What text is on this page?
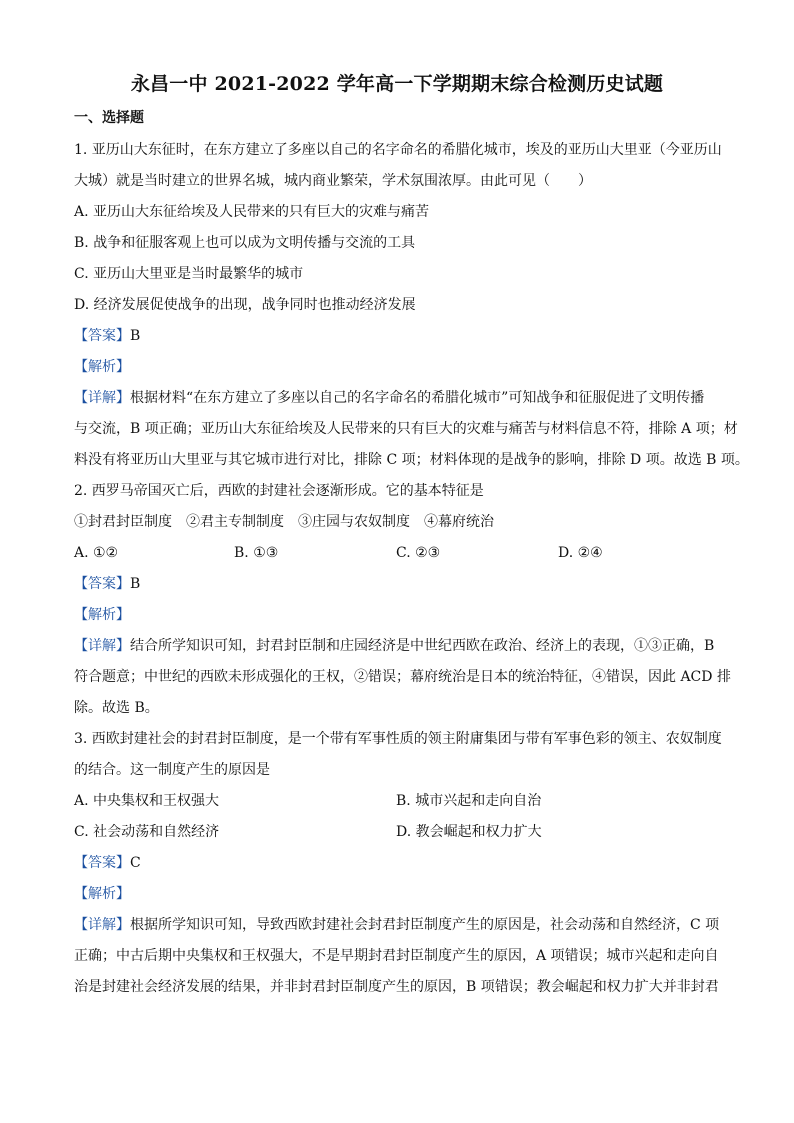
永昌一中 2021-2022 学年高一下学期期末综合检测历史试题
一、选择题
1. 亚历山大东征时，在东方建立了多座以自己的名字命名的希腊化城市，埃及的亚历山大里亚（今亚历山
大城）就是当时建立的世界名城，城内商业繁荣，学术氛围浓厚。由此可见（　　）
A. 亚历山大东征给埃及人民带来的只有巨大的灾难与痛苦
B. 战争和征服客观上也可以成为文明传播与交流的工具
C. 亚历山大里亚是当时最繁华的城市
D. 经济发展促使战争的出现，战争同时也推动经济发展
【答案】B
【解析】
【详解】根据材料“在东方建立了多座以自己的名字命名的希腊化城市”可知战争和征服促进了文明传播
与交流，B 项正确；亚历山大东征给埃及人民带来的只有巨大的灾难与痛苦与材料信息不符，排除 A 项；材
料没有将亚历山大里亚与其它城市进行对比，排除 C 项；材料体现的是战争的影响，排除 D 项。故选 B 项。
2. 西罗马帝国灭亡后，西欧的封建社会逐渐形成。它的基本特征是
①封君封臣制度　②君主专制制度　③庄园与农奴制度　④幕府统治
A. ①②	B. ①③	C. ②③	D. ②④
【答案】B
【解析】
【详解】结合所学知识可知，封君封臣制和庄园经济是中世纪西欧在政治、经济上的表现，①③正确，B
符合题意；中世纪的西欧未形成强化的王权，②错误；幕府统治是日本的统治特征，④错误，因此 ACD 排
除。故选 B。
3. 西欧封建社会的封君封臣制度，是一个带有军事性质的领主附庸集团与带有军事色彩的领主、农奴制度
的结合。这一制度产生的原因是
A. 中央集权和王权强大	B. 城市兴起和走向自治
C. 社会动荡和自然经济	D. 教会崛起和权力扩大
【答案】C
【解析】
【详解】根据所学知识可知，导致西欧封建社会封君封臣制度产生的原因是，社会动荡和自然经济，C 项
正确；中古后期中央集权和王权强大，不是早期封君封臣制度产生的原因，A 项错误；城市兴起和走向自
治是封建社会经济发展的结果，并非封君封臣制度产生的原因，B 项错误；教会崛起和权力扩大并非封君
